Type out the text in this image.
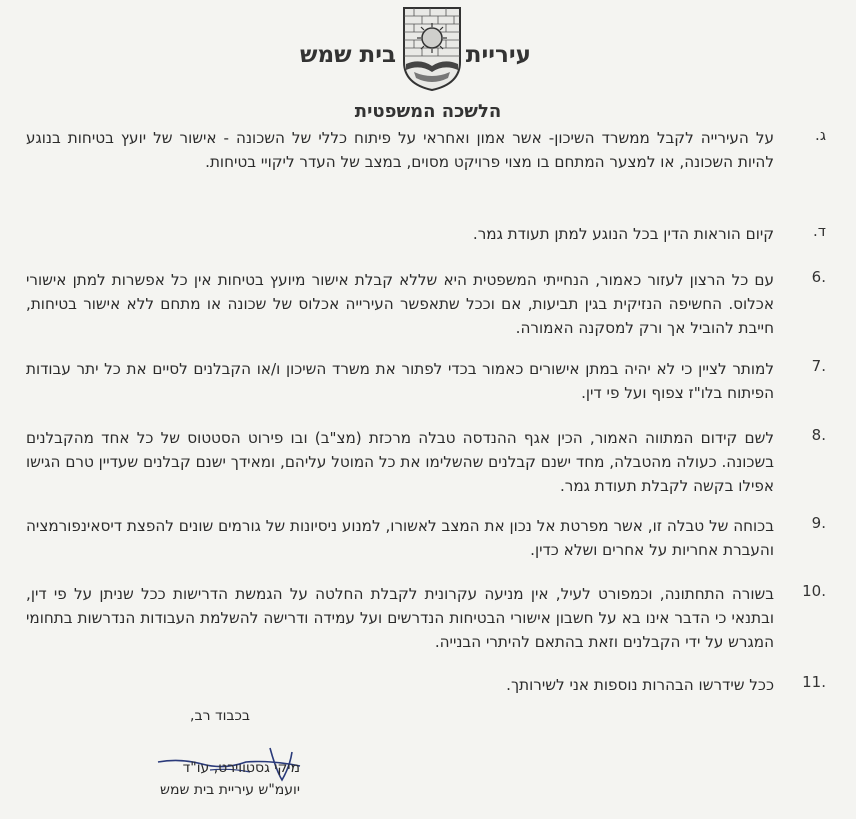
עיריית
בית שמש
הלשכה המשפטית
ג.
על העירייה לקבל ממשרד השיכון- אשר אמון ואחראי על פיתוח כללי של השכונה - אישור של יועץ בטיחות בנוגע להיות השכונה, או למצער המתחם בו מצוי פרויקט מסוים, במצב של העדר ליקויי בטיחות.
ד.
קיום הוראות הדין בכל הנוגע למתן תעודת גמר.
.6
עם כל הרצון לעזור כאמור, הנחייתי המשפטית היא שללא קבלת אישור מיועץ בטיחות אין כל אפשרות למתן אישורי אכלוס. החשיפה הנזיקית בגין תביעות, אם וככל שתאפשר העירייה אכלוס של שכונה או מתחם ללא אישור בטיחות, חייבת להוביל אך ורק למסקנה האמורה.
.7
למותר לציין כי לא יהיה במתן אישורים כאמור בכדי לפתור את משרד השיכון ו/או הקבלנים לסיים את כל יתר עבודות הפיתוח בלו"ז צפוף ועל פי דין.
.8
לשם קידום המתווה האמור, הכין אגף ההנדסה טבלה מרכזת (מצ"ב) ובו פירוט הסטטוס של כל אחד מהקבלנים בשכונה. כעולה מהטבלה, מחד ישנם קבלנים שהשלימו את כל המוטל עליהם, ומאידך ישנם קבלנים שעדיין טרם הגישו אפילו בקשה לקבלת תעודת גמר.
.9
בכוחה של טבלה זו, אשר מפרטת אל נכון את המצב לאשורו, למנוע ניסיונות של גורמים שונים להפצת דיסאינפורמציה והעברת אחריות על אחרים ושלא כדין.
.10
בשורה התחתונה, וכמפורט לעיל, אין מניעה עקרונית לקבלת החלטה על הגמשת הדרישות ככל שניתן על פי דין, ובתנאי כי הדבר אינו בא על חשבון אישורי הבטיחות הנדרשים ועל עמידה ודרישה להשלמת העבודות הנדרשות בתחומי המגרש על ידי הקבלנים וזאת בהתאם להיתרי הבנייה.
.11
ככל שידרשו הבהרות נוספות אני לשירותך.
בכבוד רב,
מיקי גסטווירט, עו"ד
יועמ"ש עיריית בית שמש
